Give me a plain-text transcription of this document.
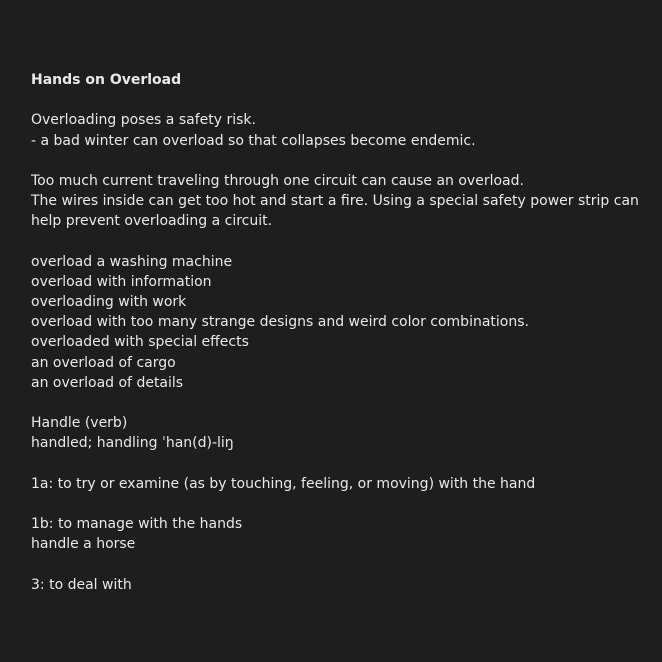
Hands on Overload
Overloading poses a safety risk.
- a bad winter can overload so that collapses become endemic.
Too much current traveling through one circuit can cause an overload.
The wires inside can get too hot and start a fire. Using a special safety power strip can
help prevent overloading a circuit.
overload a washing machine
overload with information
overloading with work
overload with too many strange designs and weird color combinations.
overloaded with special effects
an overload of cargo
an overload of details
Handle (verb)
handled; handling ˈhan(d)-liŋ
1a: to try or examine (as by touching, feeling, or moving) with the hand
1b: to manage with the hands
handle a horse
3: to deal with
